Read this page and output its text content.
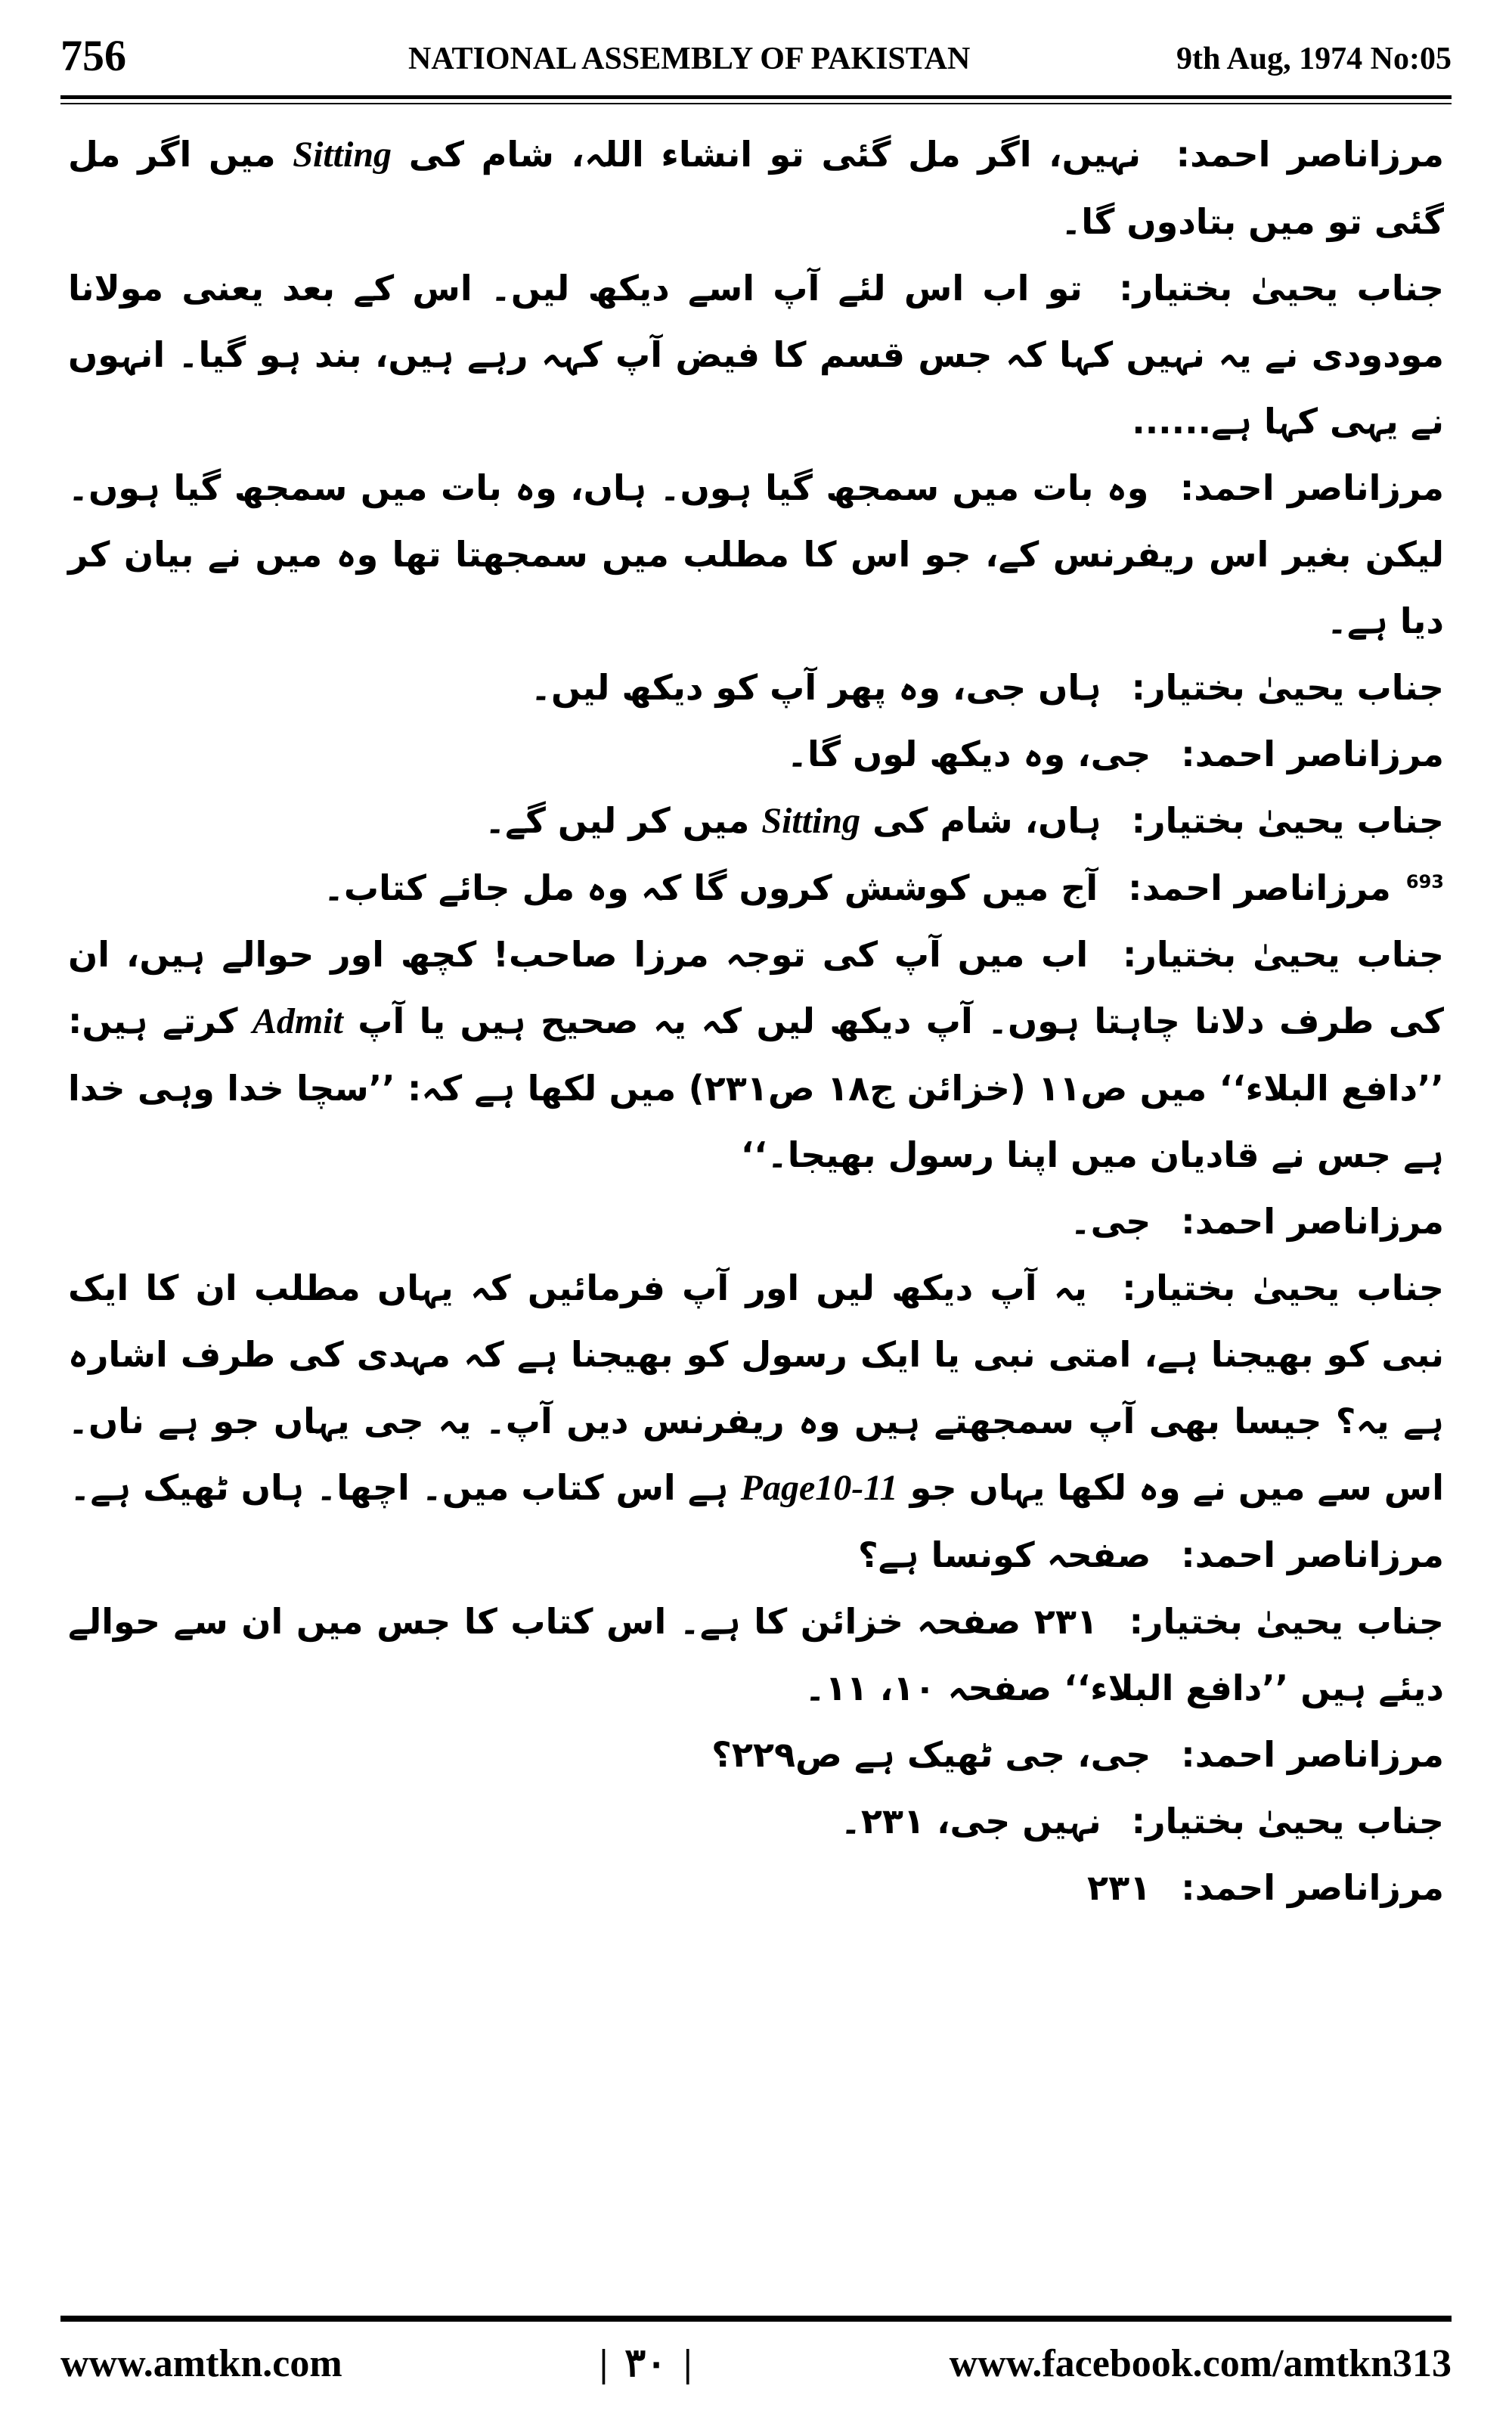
756	NATIONAL ASSEMBLY OF PAKISTAN	9th Aug, 1974 No:05

مرزاناصر احمد: نہیں، اگر مل گئی تو انشاء اللہ، شام کی Sitting میں اگر مل گئی تو میں بتادوں گا۔

جناب یحییٰ بختیار: تو اب اس لئے آپ اسے دیکھ لیں۔ اس کے بعد یعنی مولانا مودودی نے یہ نہیں کہا کہ جس قسم کا فیض آپ کہہ رہے ہیں، بند ہو گیا۔ انہوں نے یہی کہا ہے......

مرزاناصر احمد: وہ بات میں سمجھ گیا ہوں۔ ہاں، وہ بات میں سمجھ گیا ہوں۔ لیکن بغیر اس ریفرنس کے، جو اس کا مطلب میں سمجھتا تھا وہ میں نے بیان کر دیا ہے۔

جناب یحییٰ بختیار: ہاں جی، وہ پھر آپ کو دیکھ لیں۔

مرزاناصر احمد: جی، وہ دیکھ لوں گا۔

جناب یحییٰ بختیار: ہاں، شام کی Sitting میں کر لیں گے۔

$^{693}$ مرزاناصر احمد: آج میں کوشش کروں گا کہ وہ مل جائے کتاب۔

جناب یحییٰ بختیار: اب میں آپ کی توجہ مرزا صاحب! کچھ اور حوالے ہیں، ان کی طرف دلانا چاہتا ہوں۔ آپ دیکھ لیں کہ یہ صحیح ہیں یا آپ Admit کرتے ہیں: ’’دافع البلاء‘‘ میں ص۱۱ (خزائن ج۱۸ ص۲۳۱) میں لکھا ہے کہ: ’’سچا خدا وہی خدا ہے جس نے قادیان میں اپنا رسول بھیجا۔‘‘

مرزاناصر احمد: جی۔

جناب یحییٰ بختیار: یہ آپ دیکھ لیں اور آپ فرمائیں کہ یہاں مطلب ان کا ایک نبی کو بھیجنا ہے، امتی نبی یا ایک رسول کو بھیجنا ہے کہ مہدی کی طرف اشارہ ہے یہ؟ جیسا بھی آپ سمجھتے ہیں وہ ریفرنس دیں آپ۔ یہ جی یہاں جو ہے ناں۔ اس سے میں نے وہ لکھا یہاں جو Page10-11 ہے اس کتاب میں۔ اچھا۔ ہاں ٹھیک ہے۔

مرزاناصر احمد: صفحہ کونسا ہے؟

جناب یحییٰ بختیار: ۲۳۱ صفحہ خزائن کا ہے۔ اس کتاب کا جس میں ان سے حوالے دیئے ہیں ’’دافع البلاء‘‘ صفحہ ۱۰، ۱۱۔

مرزاناصر احمد: جی، جی ٹھیک ہے ص۲۲۹؟

جناب یحییٰ بختیار: نہیں جی، ۲۳۱۔

مرزاناصر احمد: ۲۳۱

www.amtkn.com	| ۳۰ |	www.facebook.com/amtkn313
